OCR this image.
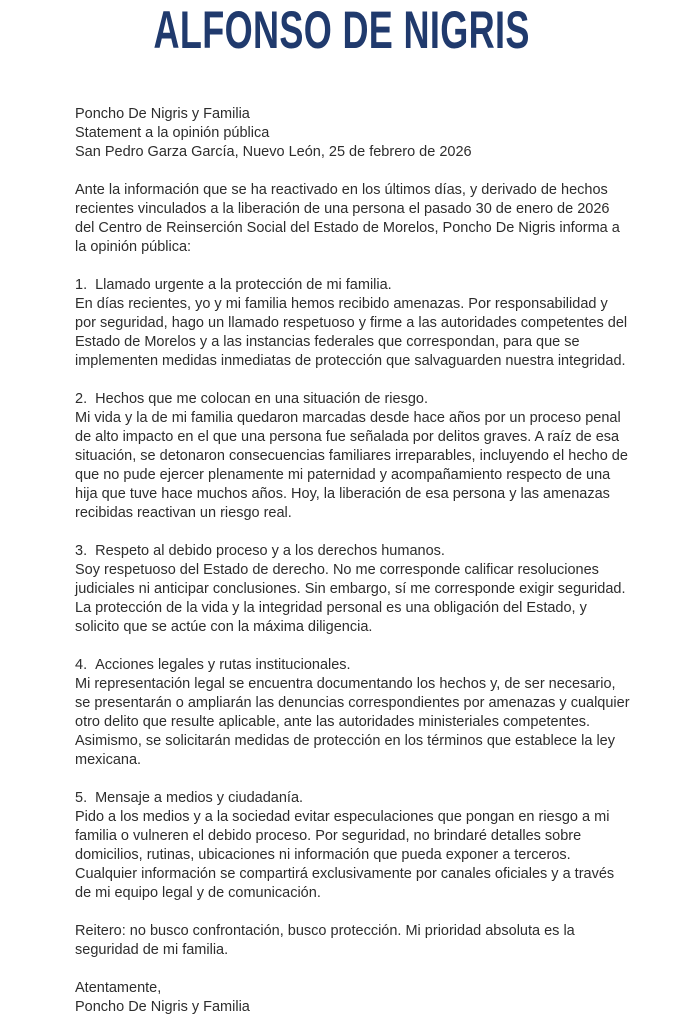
ALFONSO DE NIGRIS
Poncho De Nigris y Familia
Statement a la opinión pública
San Pedro Garza García, Nuevo León, 25 de febrero de 2026

Ante la información que se ha reactivado en los últimos días, y derivado de hechos recientes vinculados a la liberación de una persona el pasado 30 de enero de 2026 del Centro de Reinserción Social del Estado de Morelos, Poncho De Nigris informa a la opinión pública:

1. Llamado urgente a la protección de mi familia.

En días recientes, yo y mi familia hemos recibido amenazas. Por responsabilidad y por seguridad, hago un llamado respetuoso y firme a las autoridades competentes del Estado de Morelos y a las instancias federales que correspondan, para que se implementen medidas inmediatas de protección que salvaguarden nuestra integridad.

2. Hechos que me colocan en una situación de riesgo.

Mi vida y la de mi familia quedaron marcadas desde hace años por un proceso penal de alto impacto en el que una persona fue señalada por delitos graves. A raíz de esa situación, se detonaron consecuencias familiares irreparables, incluyendo el hecho de que no pude ejercer plenamente mi paternidad y acompañamiento respecto de una hija que tuve hace muchos años. Hoy, la liberación de esa persona y las amenazas recibidas reactivan un riesgo real.

3. Respeto al debido proceso y a los derechos humanos.

Soy respetuoso del Estado de derecho. No me corresponde calificar resoluciones judiciales ni anticipar conclusiones. Sin embargo, sí me corresponde exigir seguridad. La protección de la vida y la integridad personal es una obligación del Estado, y solicito que se actúe con la máxima diligencia.

4. Acciones legales y rutas institucionales.

Mi representación legal se encuentra documentando los hechos y, de ser necesario, se presentarán o ampliarán las denuncias correspondientes por amenazas y cualquier otro delito que resulte aplicable, ante las autoridades ministeriales competentes. Asimismo, se solicitarán medidas de protección en los términos que establece la ley mexicana.

5. Mensaje a medios y ciudadanía.

Pido a los medios y a la sociedad evitar especulaciones que pongan en riesgo a mi familia o vulneren el debido proceso. Por seguridad, no brindaré detalles sobre domicilios, rutinas, ubicaciones ni información que pueda exponer a terceros. Cualquier información se compartirá exclusivamente por canales oficiales y a través de mi equipo legal y de comunicación.

Reitero: no busco confrontación, busco protección. Mi prioridad absoluta es la seguridad de mi familia.

Atentamente,
Poncho De Nigris y Familia
